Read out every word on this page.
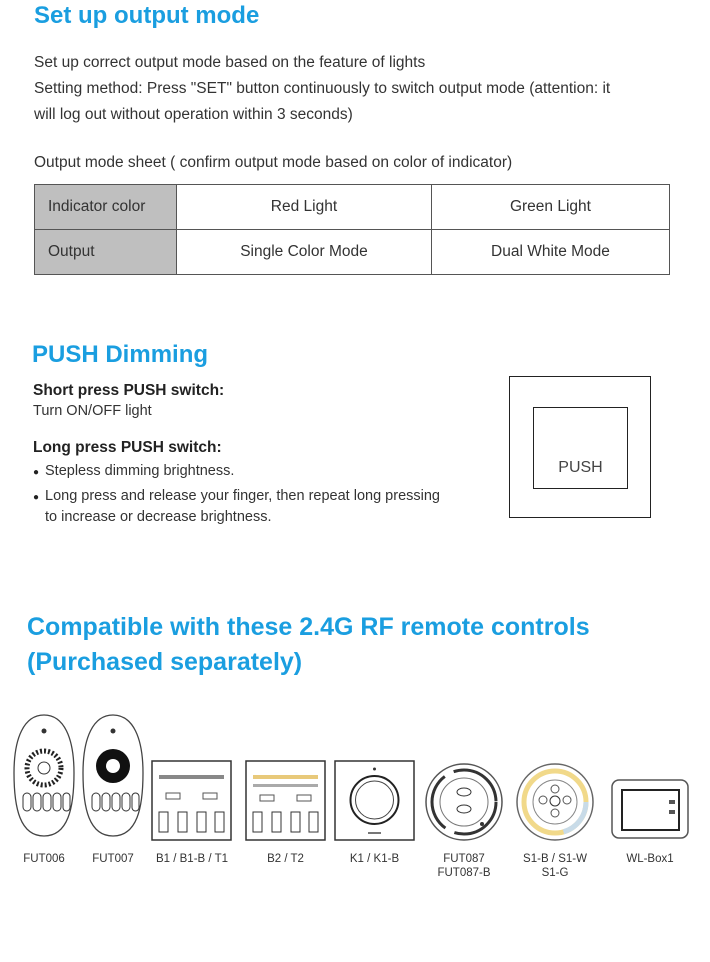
Set up output mode
Set up correct output mode based on the feature of lights
Setting method: Press "SET" button continuously to switch output mode (attention: it
will log out without operation within 3 seconds)
Output mode sheet ( confirm output mode based on color of indicator)
Indicator color	Red Light	Green Light
Output	Single Color Mode	Dual White Mode
PUSH Dimming
Short press PUSH switch:
Turn ON/OFF light
Long press PUSH switch:
● Stepless dimming brightness.
● Long press and release your finger, then repeat long pressing
to increase or decrease brightness.
PUSH
Compatible with these 2.4G RF remote controls
(Purchased separately)
FUT006	FUT007	B1 / B1-B / T1	B2 / T2	K1 / K1-B	FUT087
FUT087-B
S1-B / S1-W
S1-G
WL-Box1
